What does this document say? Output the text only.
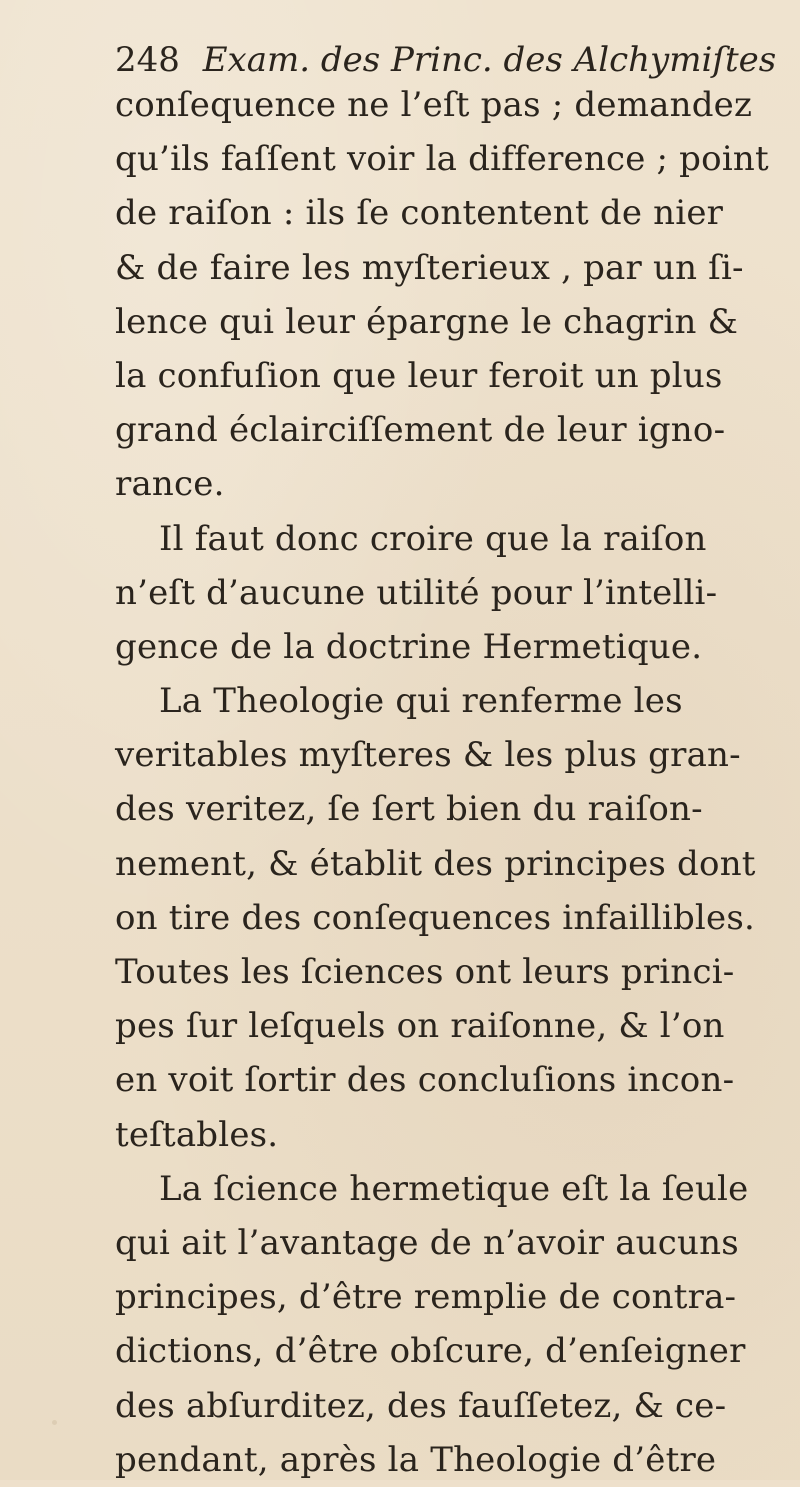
248 Exam. des Princ. des Alchymiſtes
conſequence ne l’eſt pas ; demandez
qu’ils faſſent voir la difference ; point
de raiſon : ils ſe contentent de nier
& de faire les myſterieux , par un ſi-
lence qui leur épargne le chagrin &
la confuſion que leur feroit un plus
grand éclairciſſement de leur igno-
rance.
Il faut donc croire que la raiſon
n’eſt d’aucune utilité pour l’intelli-
gence de la doctrine Hermetique.
La Theologie qui renferme les
veritables myſteres & les plus gran-
des veritez, ſe ſert bien du raiſon-
nement, & établit des principes dont
on tire des conſequences infaillibles.
Toutes les ſciences ont leurs princi-
pes ſur leſquels on raiſonne, & l’on
en voit ſortir des concluſions incon-
teſtables.
La ſcience hermetique eſt la ſeule
qui ait l’avantage de n’avoir aucuns
principes, d’être remplie de contra-
dictions, d’être obſcure, d’enſeigner
des abſurditez, des fauſſetez, & ce-
pendant, après la Theologie d’être
